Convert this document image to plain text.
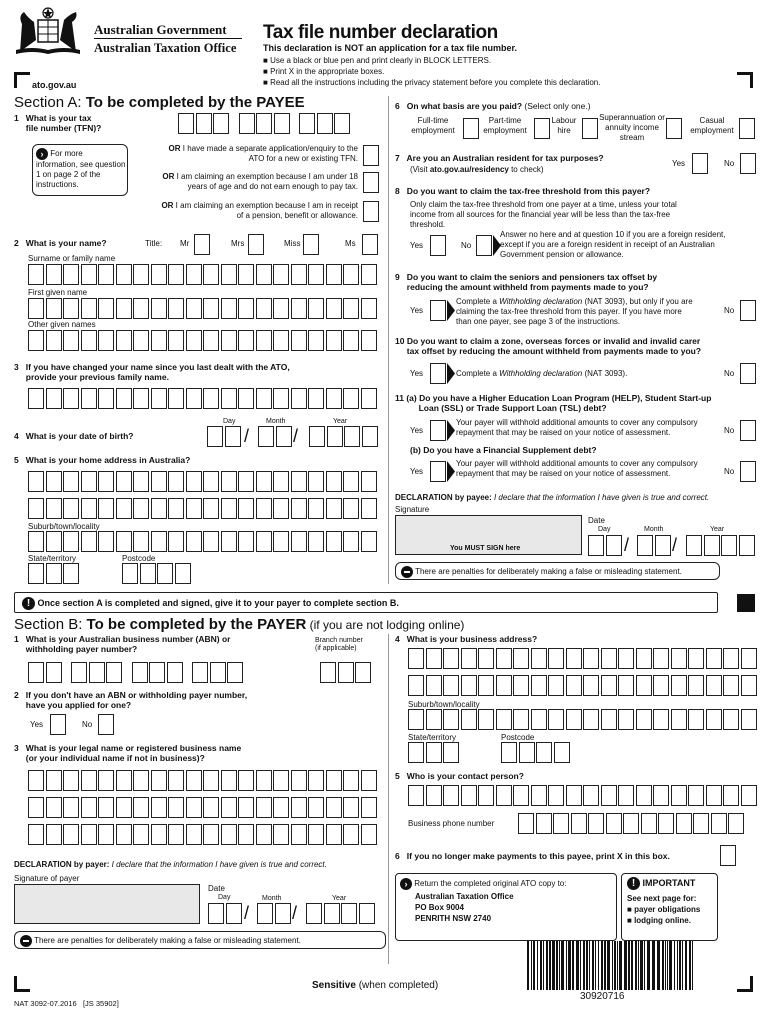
Australian Government
Australian Taxation Office
ato.gov.au
Tax file number declaration
This declaration is NOT an application for a tax file number.
■ Use a black or blue pen and print clearly in BLOCK LETTERS.
■ Print X in the appropriate boxes.
■ Read all the instructions including the privacy statement before you complete this declaration.
Section A: To be completed by the PAYEE
1   What is your tax
file number (TFN)?
› For more information, see question 1 on page 2 of the instructions.
OR I have made a separate application/enquiry to the ATO for a new or existing TFN.
OR I am claiming an exemption because I am under 18 years of age and do not earn enough to pay tax.
OR I am claiming an exemption because I am in receipt of a pension, benefit or allowance.
2   What is your name?	Title: Mr	Mrs	Miss	Ms
Surname or family name
First given name
Other given names
3   If you have changed your name since you last dealt with the ATO,
provide your previous family name.
Day	Month	Year
4   What is your date of birth?	/ /
5   What is your home address in Australia?
Suburb/town/locality
State/territory	Postcode
6   On what basis are you paid? (Select only one.)
Full-time employment
Part-time employment
Labour hire
Superannuation or annuity income stream
Casual employment
7   Are you an Australian resident for tax purposes?
(Visit ato.gov.au/residency to check)
Yes	No
8   Do you want to claim the tax-free threshold from this payer?
Only claim the tax-free threshold from one payer at a time, unless your total income from all sources for the financial year will be less than the tax-free threshold.
Yes	No
Answer no here and at question 10 if you are a foreign resident, except if you are a foreign resident in receipt of an Australian Government pension or allowance.
9   Do you want to claim the seniors and pensioners tax offset by
reducing the amount withheld from payments made to you?
Yes
Complete a Withholding declaration (NAT 3093), but only if you are claiming the tax-free threshold from this payer. If you have more than one payer, see page 3 of the instructions.
No
10 Do you want to claim a zone, overseas forces or invalid and invalid carer
tax offset by reducing the amount withheld from payments made to you?
Yes	Complete a Withholding declaration (NAT 3093).	No
11 (a) Do you have a Higher Education Loan Program (HELP), Student Start-up
Loan (SSL) or Trade Support Loan (TSL) debt?
Yes
Your payer will withhold additional amounts to cover any compulsory repayment that may be raised on your notice of assessment.	No
(b) Do you have a Financial Supplement debt?
Yes
Your payer will withhold additional amounts to cover any compulsory repayment that may be raised on your notice of assessment.	No
DECLARATION by payee: I declare that the information I have given is true and correct.
Signature
You MUST SIGN here
Date
Day	Month	Year
/ /
There are penalties for deliberately making a false or misleading statement.
! Once section A is completed and signed, give it to your payer to complete section B.
Section B: To be completed by the PAYER (if you are not lodging online)
1   What is your Australian business number (ABN) or
withholding payer number?
Branch number
(if applicable)
2   If you don't have an ABN or withholding payer number,
have you applied for one?
Yes	No
3   What is your legal name or registered business name
(or your individual name if not in business)?
4   What is your business address?
Suburb/town/locality
State/territory	Postcode
5   Who is your contact person?
Business phone number
6   If you no longer make payments to this payee, print X in this box.
DECLARATION by payer: I declare that the information I have given is true and correct.
Signature of payer
Date
Day	Month	Year
/ /
There are penalties for deliberately making a false or misleading statement.
› Return the completed original ATO copy to:
Australian Taxation Office
PO Box 9004
PENRITH NSW 2740
! IMPORTANT
See next page for:
■ payer obligations
■ lodging online.
Sensitive (when completed)
NAT 3092-07.2016 [JS 35902]
30920716
